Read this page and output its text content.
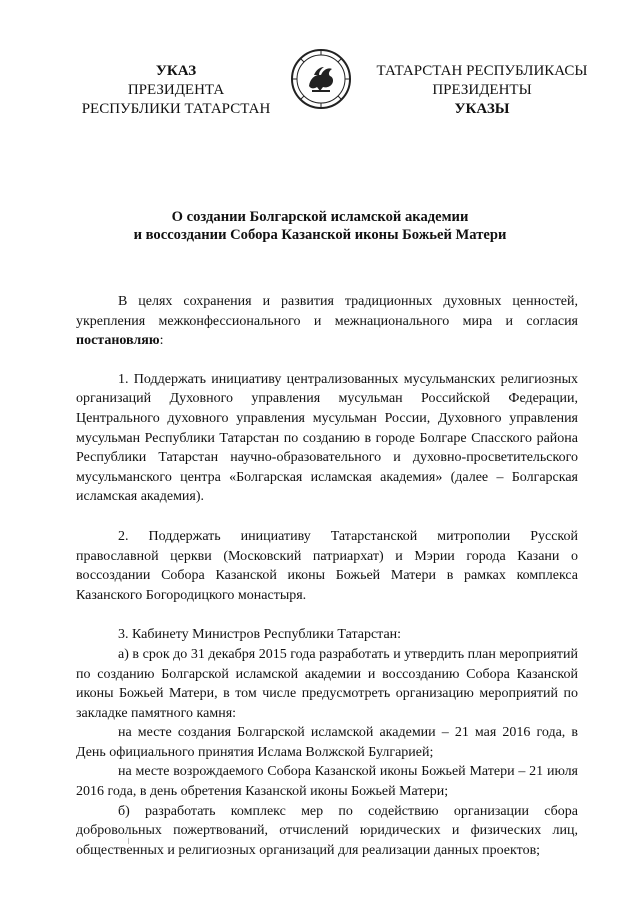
УКАЗ
ПРЕЗИДЕНТА
РЕСПУБЛИКИ ТАТАРСТАН
ТАТАРСТАН РЕСПУБЛИКАСЫ
ПРЕЗИДЕНТЫ
УКАЗЫ
О создании Болгарской исламской академии
и воссоздании Собора Казанской иконы Божьей Матери

В целях сохранения и развития традиционных духовных ценностей, укрепления межконфессионального и межнационального мира и согласия постановляю:

1. Поддержать инициативу централизованных мусульманских религиозных организаций Духовного управления мусульман Российской Федерации, Центрального духовного управления мусульман России, Духовного управления мусульман Республики Татарстан по созданию в городе Болгаре Спасского района Республики Татарстан научно-образовательного и духовно-просветительского мусульманского центра «Болгарская исламская академия» (далее – Болгарская исламская академия).

2. Поддержать инициативу Татарстанской митрополии Русской православной церкви (Московский патриархат) и Мэрии города Казани о воссоздании Собора Казанской иконы Божьей Матери в рамках комплекса Казанского Богородицкого монастыря.

3. Кабинету Министров Республики Татарстан:

а) в срок до 31 декабря 2015 года разработать и утвердить план мероприятий по созданию Болгарской исламской академии и воссозданию Собора Казанской иконы Божьей Матери, в том числе предусмотреть организацию мероприятий по закладке памятного камня:

на месте создания Болгарской исламской академии – 21 мая 2016 года, в День официального принятия Ислама Волжской Булгарией;

на месте возрождаемого Собора Казанской иконы Божьей Матери – 21 июля 2016 года, в день обретения Казанской иконы Божьей Матери;

б) разработать комплекс мер по содействию организации сбора добровольных пожертвований, отчислений юридических и физических лиц, общественных и религиозных организаций для реализации данных проектов;
